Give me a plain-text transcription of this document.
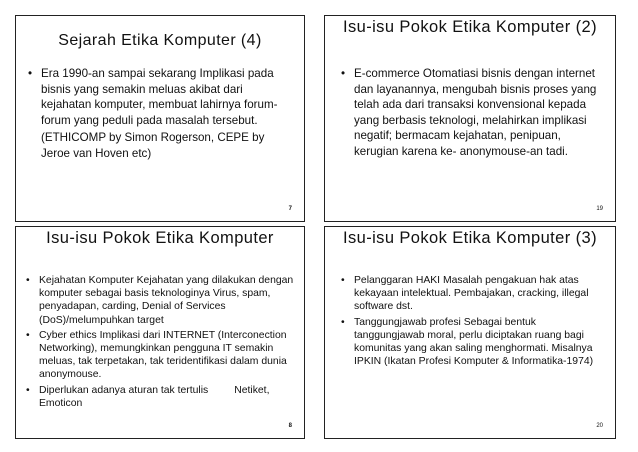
Sejarah Etika Komputer (4)
• Era 1990-an sampai sekarang Implikasi pada bisnis yang semakin meluas akibat dari kejahatan komputer, membuat lahirnya forum-forum yang peduli pada masalah tersebut.
(ETHICOMP by Simon Rogerson, CEPE by Jeroe van Hoven etc)
7
Isu-isu Pokok Etika Komputer (2)
• E-commerce Otomatiasi bisnis dengan internet dan layanannya, mengubah bisnis proses yang telah ada dari transaksi konvensional kepada yang berbasis teknologi, melahirkan implikasi negatif; bermacam kejahatan, penipuan, kerugian karena ke- anonymouse-an tadi.
19
Isu-isu Pokok Etika Komputer
• Kejahatan Komputer Kejahatan yang dilakukan dengan komputer sebagai basis teknologinya Virus, spam, penyadapan, carding, Denial of Services (DoS)/melumpuhkan target
• Cyber ethics Implikasi dari INTERNET (Interconection Networking), memungkinkan pengguna IT semakin meluas, tak terpetakan, tak teridentifikasi dalam dunia anonymouse.
• Diperlukan adanya aturan tak tertulis	Netiket, Emoticon
8
Isu-isu Pokok Etika Komputer (3)
• Pelanggaran HAKI Masalah pengakuan hak atas kekayaan intelektual. Pembajakan, cracking, illegal software dst.
• Tanggungjawab profesi Sebagai bentuk tanggungjawab moral, perlu diciptakan ruang bagi komunitas yang akan saling menghormati. Misalnya IPKIN (Ikatan Profesi Komputer & Informatika-1974)
20
